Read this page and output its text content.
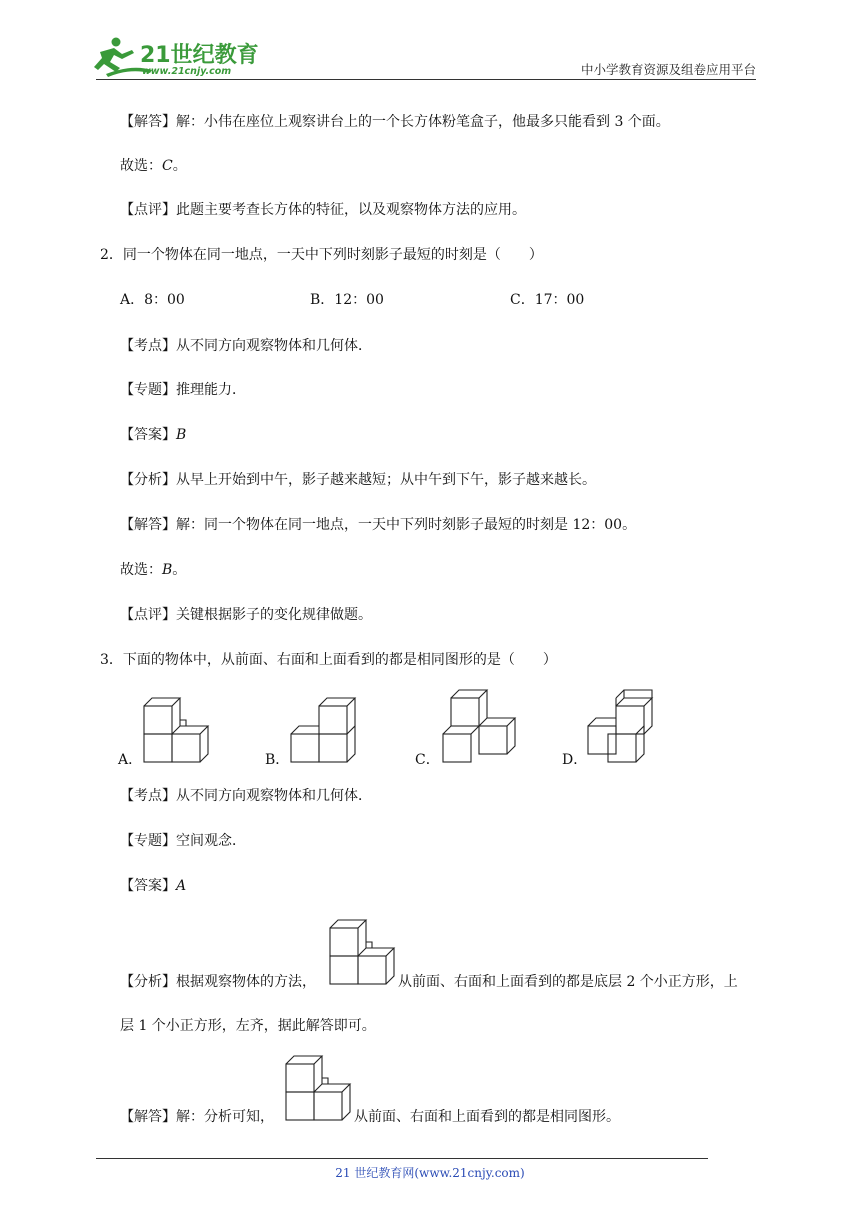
21世纪教育
www.21cnjy.com	中小学教育资源及组卷应用平台
【解答】解：小伟在座位上观察讲台上的一个长方体粉笔盒子，他最多只能看到 3 个面。
故选：C。
【点评】此题主要考查长方体的特征，以及观察物体方法的应用。
2．同一个物体在同一地点，一天中下列时刻影子最短的时刻是（　　）
A．8：00	B．12：00	C．17：00
【考点】从不同方向观察物体和几何体．
【专题】推理能力．
【答案】B
【分析】从早上开始到中午，影子越来越短；从中午到下午，影子越来越长。
【解答】解：同一个物体在同一地点，一天中下列时刻影子最短的时刻是 12：00。
故选：B。
【点评】关键根据影子的变化规律做题。
3．下面的物体中，从前面、右面和上面看到的都是相同图形的是（　　）
A．	B．	C．	D．
【考点】从不同方向观察物体和几何体．
【专题】空间观念．
【答案】A
【分析】根据观察物体的方法，	从前面、右面和上面看到的都是底层 2 个小正方形，上
层 1 个小正方形，左齐，据此解答即可。
【解答】解：分析可知，	从前面、右面和上面看到的都是相同图形。
21 世纪教育网(www.21cnjy.com)
